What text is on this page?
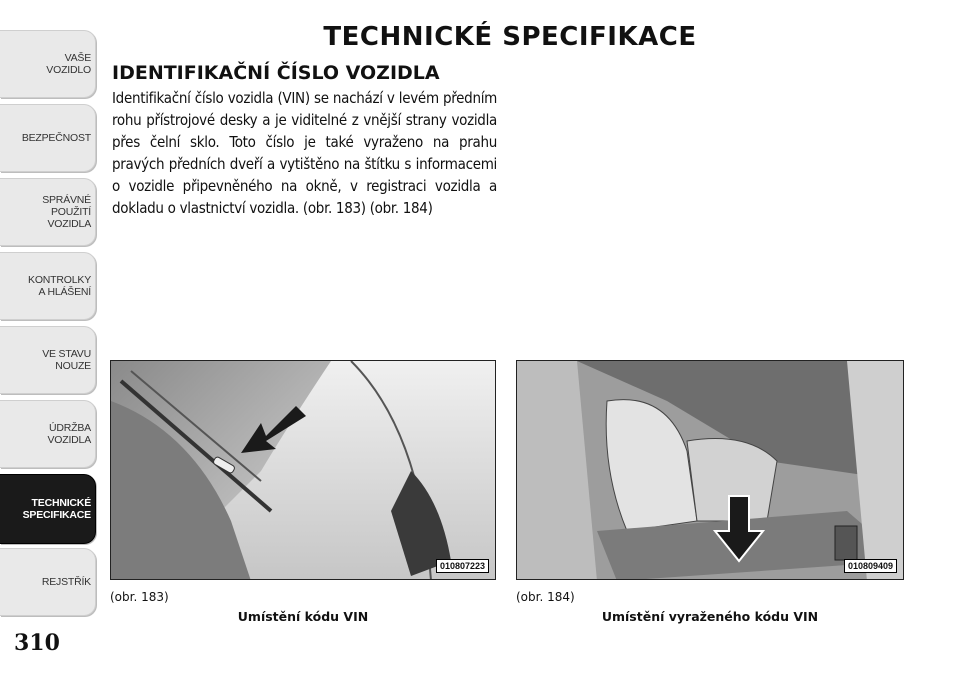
VAŠE
VOZIDLO
BEZPEČNOST
SPRÁVNÉ
POUŽITÍ
VOZIDLA
KONTROLKY
A HLÁŠENÍ
VE STAVU
NOUZE
ÚDRŽBA
VOZIDLA
TECHNICKÉ
SPECIFIKACE
REJSTŘÍK
310
TECHNICKÉ SPECIFIKACE
IDENTIFIKAČNÍ ČÍSLO VOZIDLA
Identifikační číslo vozidla (VIN) se nachází v levém předním rohu přístrojové desky a je viditelné z vnější strany vozidla přes čelní sklo. Toto číslo je také vyraženo na prahu pravých předních dveří a vytištěno na štítku s informacemi o vozidle připevněného na okně, v registraci vozidla a dokladu o vlastnictví vozidla. (obr. 183) (obr. 184)
010807223	010809409
(obr. 183)
Umístění kódu VIN
(obr. 184)
Umístění vyraženého kódu VIN
